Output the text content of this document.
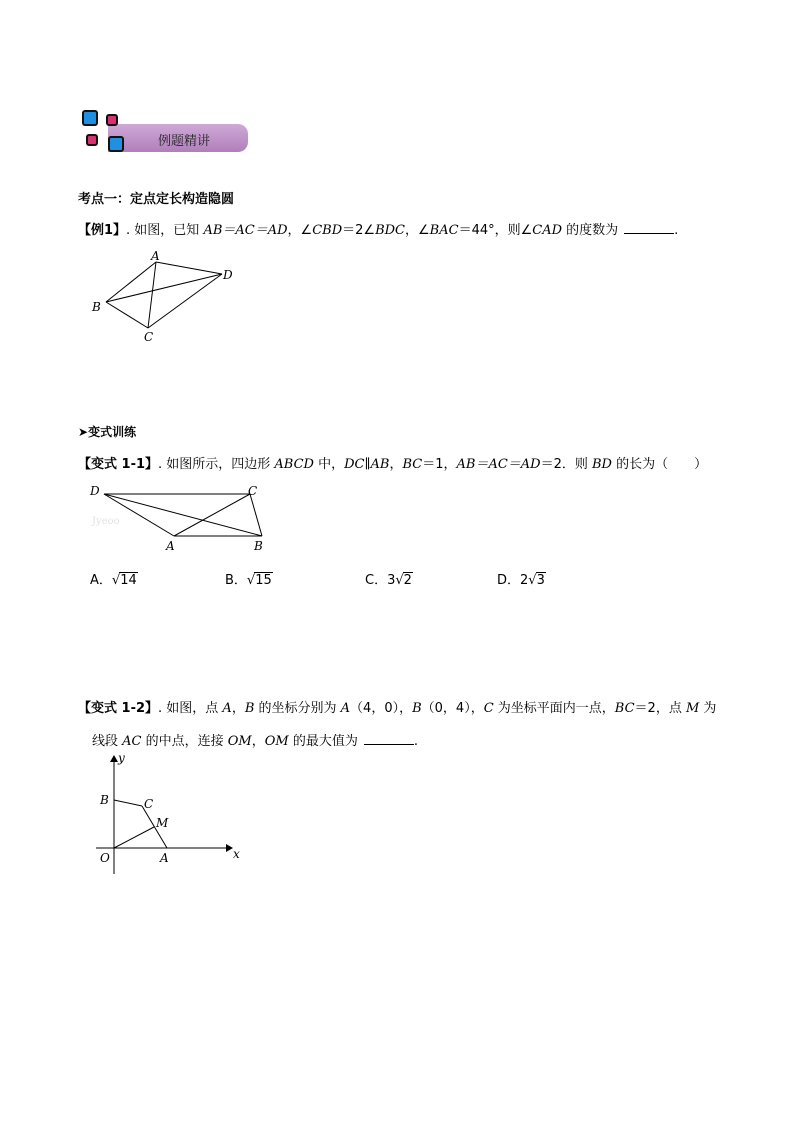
例题精讲
考点一：定点定长构造隐圆
【例1】. 如图，已知 AB＝AC＝AD，∠CBD＝2∠BDC，∠BAC＝44°，则∠CAD 的度数为	.
A
D
B
C
➤变式训练
【变式 1-1】. 如图所示，四边形 ABCD 中，DC∥AB，BC＝1，AB＝AC＝AD＝2．则 BD 的长为（　　）
Jyeoo
D	C
A	B
A．√14	B．√15	C．3√2	D．2√3
【变式 1-2】. 如图，点 A，B 的坐标分别为 A（4，0），B（0，4），C 为坐标平面内一点，BC＝2，点 M 为
线段 AC 的中点，连接 OM，OM 的最大值为	.
y
B	C
M
O	A	x
